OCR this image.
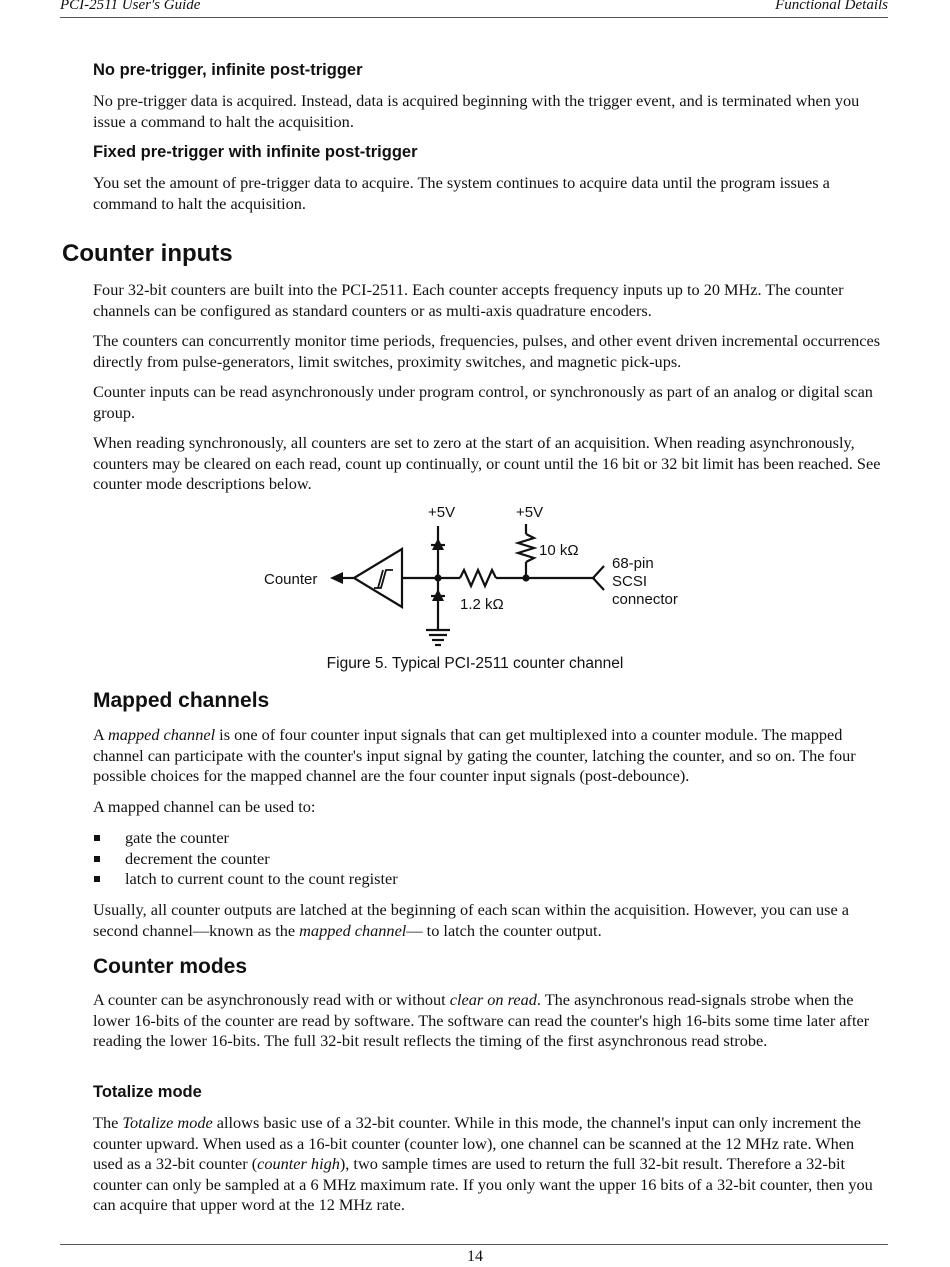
PCI-2511 User's Guide	Functional Details
No pre-trigger, infinite post-trigger

No pre-trigger data is acquired. Instead, data is acquired beginning with the trigger event, and is terminated when you issue a command to halt the acquisition.

Fixed pre-trigger with infinite post-trigger

You set the amount of pre-trigger data to acquire. The system continues to acquire data until the program issues a command to halt the acquisition.

Counter inputs

Four 32-bit counters are built into the PCI-2511. Each counter accepts frequency inputs up to 20 MHz. The counter channels can be configured as standard counters or as multi-axis quadrature encoders.

The counters can concurrently monitor time periods, frequencies, pulses, and other event driven incremental occurrences directly from pulse-generators, limit switches, proximity switches, and magnetic pick-ups.

Counter inputs can be read asynchronously under program control, or synchronously as part of an analog or digital scan group.

When reading synchronously, all counters are set to zero at the start of an acquisition. When reading asynchronously, counters may be cleared on each read, count up continually, or count until the 16 bit or 32 bit limit has been reached. See counter mode descriptions below.

+5V	+5V
10 kΩ
1.2 kΩ
Counter
68-pin
SCSI
connector
Figure 5. Typical PCI-2511 counter channel
Mapped channels

A mapped channel is one of four counter input signals that can get multiplexed into a counter module. The mapped channel can participate with the counter's input signal by gating the counter, latching the counter, and so on. The four possible choices for the mapped channel are the four counter input signals (post-debounce).

A mapped channel can be used to:

gate the counter
decrement the counter
latch to current count to the count register

Usually, all counter outputs are latched at the beginning of each scan within the acquisition. However, you can use a second channel—known as the mapped channel— to latch the counter output.

Counter modes

A counter can be asynchronously read with or without clear on read. The asynchronous read-signals strobe when the lower 16-bits of the counter are read by software. The software can read the counter's high 16-bits some time later after reading the lower 16-bits. The full 32-bit result reflects the timing of the first asynchronous read strobe.

Totalize mode

The Totalize mode allows basic use of a 32-bit counter. While in this mode, the channel's input can only increment the counter upward. When used as a 16-bit counter (counter low), one channel can be scanned at the 12 MHz rate. When used as a 32-bit counter (counter high), two sample times are used to return the full 32-bit result. Therefore a 32-bit counter can only be sampled at a 6 MHz maximum rate. If you only want the upper 16 bits of a 32-bit counter, then you can acquire that upper word at the 12 MHz rate.

14
